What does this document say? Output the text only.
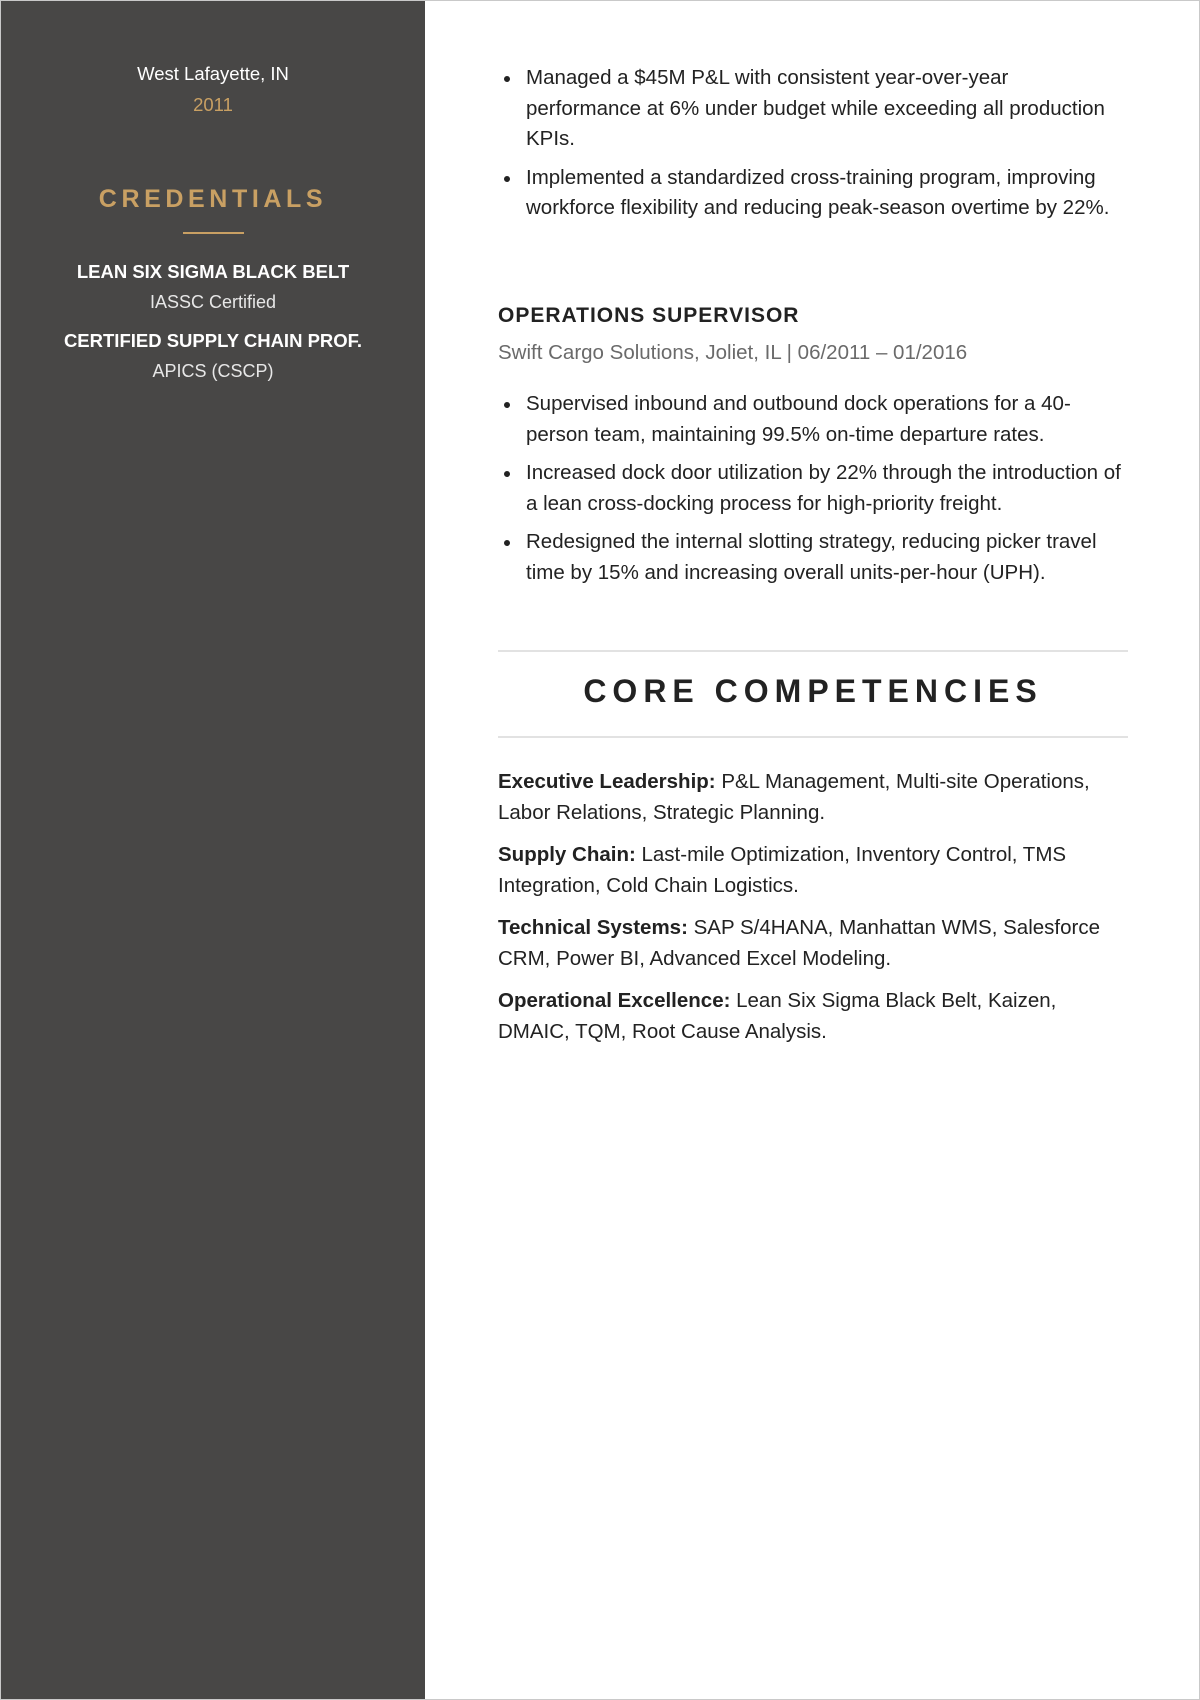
West Lafayette, IN
2011
CREDENTIALS
LEAN SIX SIGMA BLACK BELT
IASSC Certified
CERTIFIED SUPPLY CHAIN PROF.
APICS (CSCP)
Managed a $45M P&L with consistent year-over-year performance at 6% under budget while exceeding all production KPIs.
Implemented a standardized cross-training program, improving workforce flexibility and reducing peak-season overtime by 22%.
OPERATIONS SUPERVISOR
Swift Cargo Solutions, Joliet, IL | 06/2011 – 01/2016
Supervised inbound and outbound dock operations for a 40-person team, maintaining 99.5% on-time departure rates.
Increased dock door utilization by 22% through the introduction of a lean cross-docking process for high-priority freight.
Redesigned the internal slotting strategy, reducing picker travel time by 15% and increasing overall units-per-hour (UPH).
CORE COMPETENCIES

Executive Leadership: P&L Management, Multi-site Operations, Labor Relations, Strategic Planning.

Supply Chain: Last-mile Optimization, Inventory Control, TMS Integration, Cold Chain Logistics.

Technical Systems: SAP S/4HANA, Manhattan WMS, Salesforce CRM, Power BI, Advanced Excel Modeling.

Operational Excellence: Lean Six Sigma Black Belt, Kaizen, DMAIC, TQM, Root Cause Analysis.
